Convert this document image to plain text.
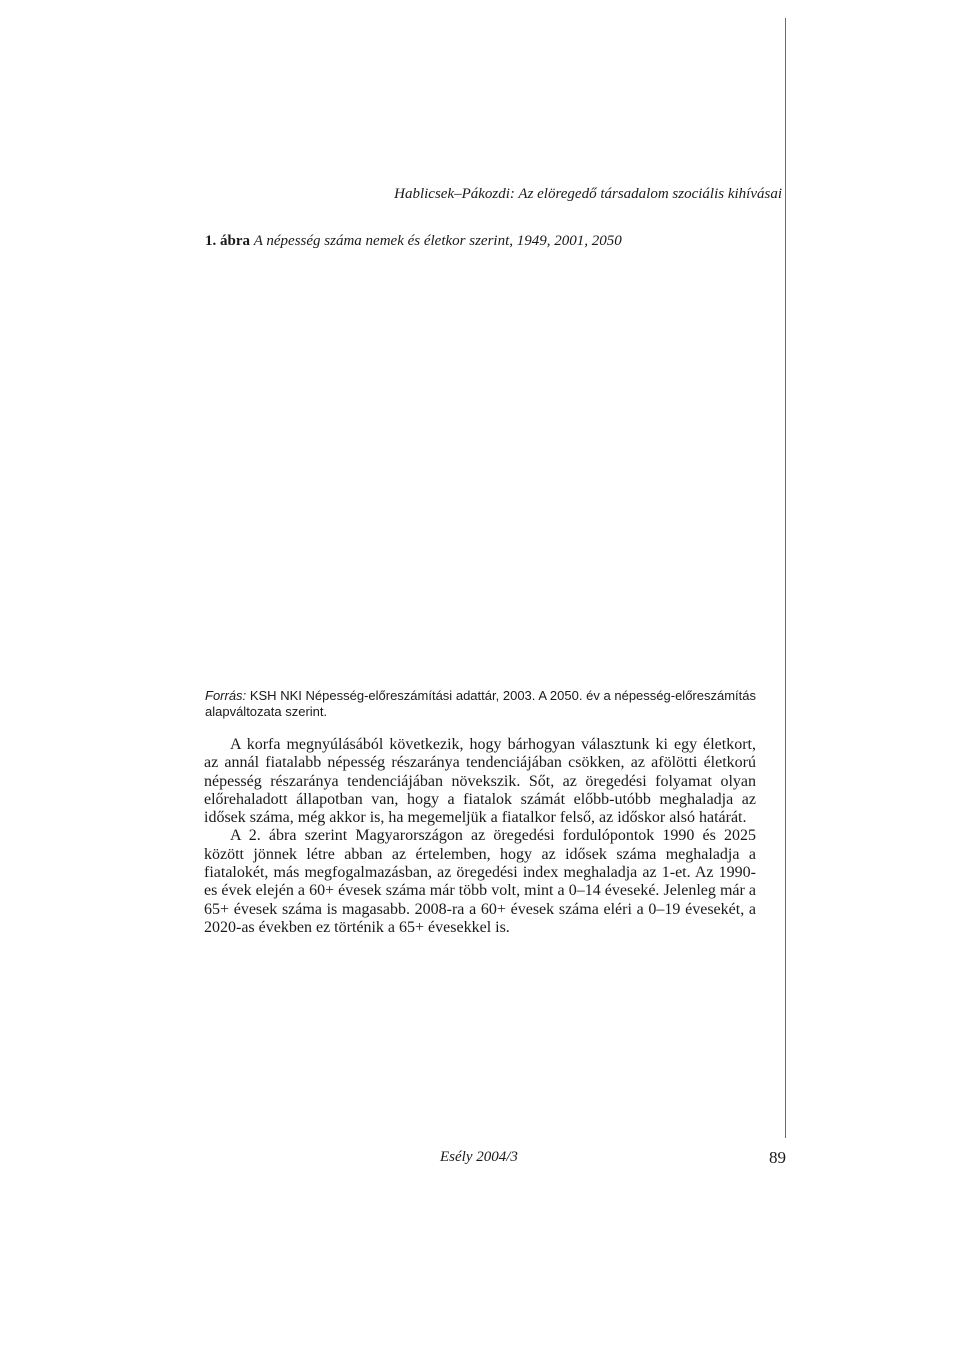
Hablicsek–Pákozdi: Az elöregedő társadalom szociális kihívásai
1. ábra A népesség száma nemek és életkor szerint, 1949, 2001, 2050
Forrás: KSH NKI Népesség-előreszámítási adattár, 2003. A 2050. év a népesség-előreszámítás alapváltozata szerint.

A korfa megnyúlásából következik, hogy bárhogyan választunk ki egy életkort, az annál fiatalabb népesség részaránya tendenciájában csökken, az afölötti életkorú népesség részaránya tendenciájában növekszik. Sőt, az öregedési folyamat olyan előrehaladott állapotban van, hogy a fiatalok számát előbb-utóbb meghaladja az idősek száma, még akkor is, ha megemeljük a fiatalkor felső, az időskor alsó határát.

A 2. ábra szerint Magyarországon az öregedési fordulópontok 1990 és 2025 között jönnek létre abban az értelemben, hogy az idősek száma meghaladja a fiatalokét, más megfogalmazásban, az öregedési index meghaladja az 1-et. Az 1990-es évek elején a 60+ évesek száma már több volt, mint a 0–14 éveseké. Jelenleg már a 65+ évesek száma is magasabb. 2008-ra a 60+ évesek száma eléri a 0–19 évesekét, a 2020-as években ez történik a 65+ évesekkel is.

Esély 2004/3	89
